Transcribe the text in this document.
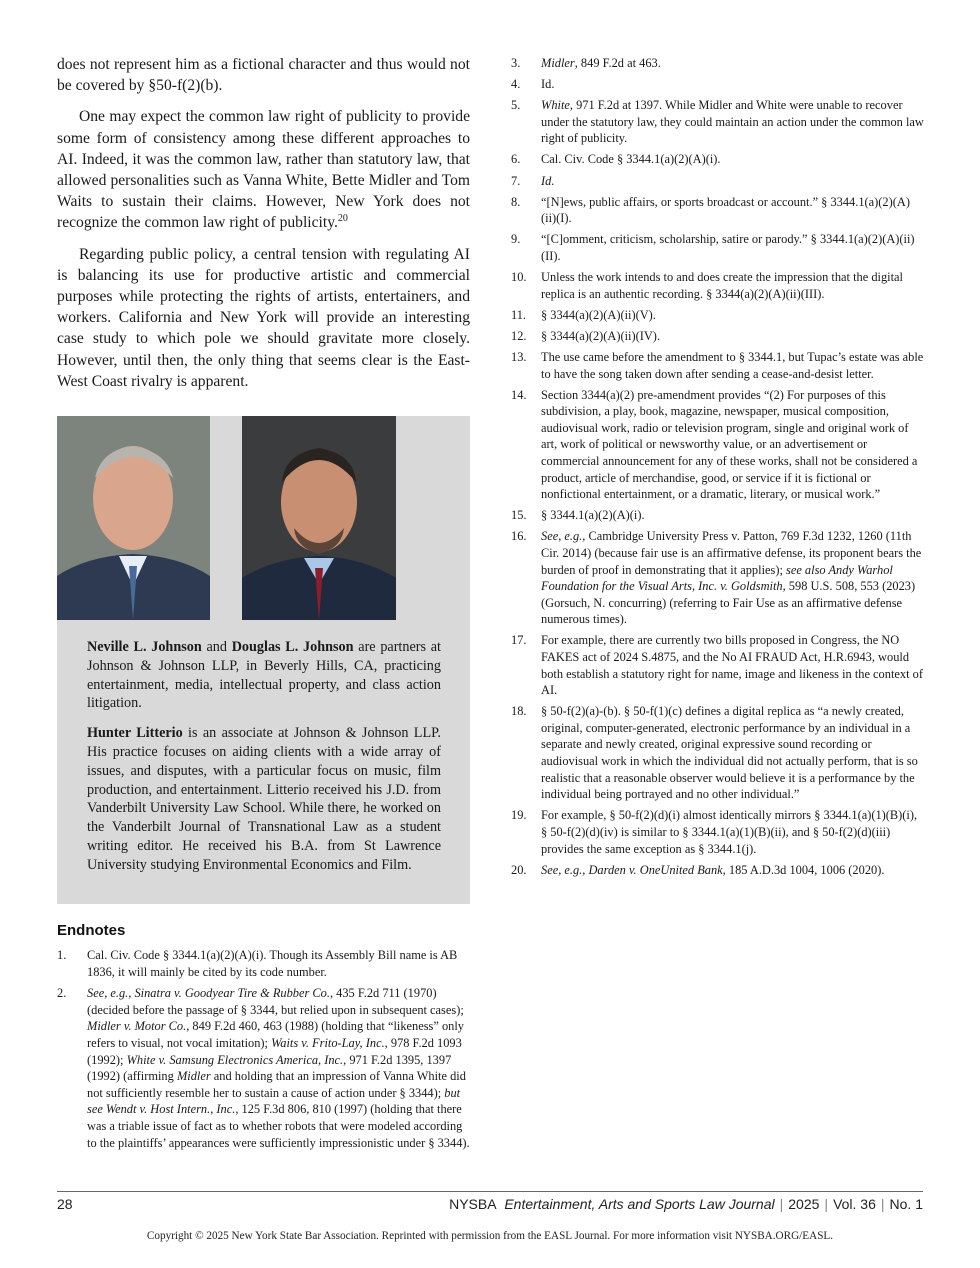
does not represent him as a fictional character and thus would not be covered by §50-f(2)(b).

One may expect the common law right of publicity to provide some form of consistency among these different approaches to AI. Indeed, it was the common law, rather than statutory law, that allowed personalities such as Vanna White, Bette Midler and Tom Waits to sustain their claims. However, New York does not recognize the common law right of publicity.$^{20}$

Regarding public policy, a central tension with regulating AI is balancing its use for productive artistic and commercial purposes while protecting the rights of artists, entertainers, and workers. California and New York will provide an interesting case study to which pole we should gravitate more closely. However, until then, the only thing that seems clear is the East-West Coast rivalry is apparent.

Neville L. Johnson and Douglas L. Johnson are partners at Johnson & Johnson LLP, in Beverly Hills, CA, practicing entertainment, media, intellectual property, and class action litigation.

Hunter Litterio is an associate at Johnson & Johnson LLP. His practice focuses on aiding clients with a wide array of issues, and disputes, with a particular focus on music, film production, and entertainment. Litterio received his J.D. from Vanderbilt University Law School. While there, he worked on the Vanderbilt Journal of Transnational Law as a student writing editor. He received his B.A. from St Lawrence University studying Environmental Economics and Film.

Endnotes
1.	Cal. Civ. Code § 3344.1(a)(2)(A)(i). Though its Assembly Bill name is AB 1836, it will mainly be cited by its code number.
2.	See, e.g., Sinatra v. Goodyear Tire & Rubber Co., 435 F.2d 711 (1970) (decided before the passage of § 3344, but relied upon in subsequent cases); Midler v. Motor Co., 849 F.2d 460, 463 (1988) (holding that “likeness” only refers to visual, not vocal imitation); Waits v. Frito-Lay, Inc., 978 F.2d 1093 (1992); White v. Samsung Electronics America, Inc., 971 F.2d 1395, 1397 (1992) (affirming Midler and holding that an impression of Vanna White did not sufficiently resemble her to sustain a cause of action under § 3344); but see Wendt v. Host Intern., Inc., 125 F.3d 806, 810 (1997) (holding that there was a triable issue of fact as to whether robots that were modeled according to the plaintiffs’ appearances were sufficiently impressionistic under § 3344).
3.	Midler, 849 F.2d at 463.
4.	Id.
5.	White, 971 F.2d at 1397. While Midler and White were unable to recover under the statutory law, they could maintain an action under the common law right of publicity.
6.	Cal. Civ. Code § 3344.1(a)(2)(A)(i).
7.	Id.
8.	“[N]ews, public affairs, or sports broadcast or account.” § 3344.1(a)(2)(A)(ii)(I).
9.	“[C]omment, criticism, scholarship, satire or parody.” § 3344.1(a)(2)(A)(ii)(II).
10.	Unless the work intends to and does create the impression that the digital replica is an authentic recording. § 3344(a)(2)(A)(ii)(III).
11.	§ 3344(a)(2)(A)(ii)(V).
12.	§ 3344(a)(2)(A)(ii)(IV).
13.	The use came before the amendment to § 3344.1, but Tupac’s estate was able to have the song taken down after sending a cease-and-desist letter.
14.	Section 3344(a)(2) pre-amendment provides “(2) For purposes of this subdivision, a play, book, magazine, newspaper, musical composition, audiovisual work, radio or television program, single and original work of art, work of political or newsworthy value, or an advertisement or commercial announcement for any of these works, shall not be considered a product, article of merchandise, good, or service if it is fictional or nonfictional entertainment, or a dramatic, literary, or musical work.”
15.	§ 3344.1(a)(2)(A)(i).
16.	See, e.g., Cambridge University Press v. Patton, 769 F.3d 1232, 1260 (11th Cir. 2014) (because fair use is an affirmative defense, its proponent bears the burden of proof in demonstrating that it applies); see also Andy Warhol Foundation for the Visual Arts, Inc. v. Goldsmith, 598 U.S. 508, 553 (2023) (Gorsuch, N. concurring) (referring to Fair Use as an affirmative defense numerous times).
17.	For example, there are currently two bills proposed in Congress, the NO FAKES act of 2024 S.4875, and the No AI FRAUD Act, H.R.6943, would both establish a statutory right for name, image and likeness in the context of AI.
18.	§ 50-f(2)(a)-(b). § 50-f(1)(c) defines a digital replica as “a newly created, original, computer-generated, electronic performance by an individual in a separate and newly created, original expressive sound recording or audiovisual work in which the individual did not actually perform, that is so realistic that a reasonable observer would believe it is a performance by the individual being portrayed and no other individual.”
19.	For example, § 50-f(2)(d)(i) almost identically mirrors § 3344.1(a)(1)(B)(i), § 50-f(2)(d)(iv) is similar to § 3344.1(a)(1)(B)(ii), and § 50-f(2)(d)(iii) provides the same exception as § 3344.1(j).
20.	See, e.g., Darden v. OneUnited Bank, 185 A.D.3d 1004, 1006 (2020).
28	NYSBA Entertainment, Arts and Sports Law Journal | 2025 | Vol. 36 | No. 1
Copyright © 2025 New York State Bar Association. Reprinted with permission from the EASL Journal. For more information visit NYSBA.ORG/EASL.
